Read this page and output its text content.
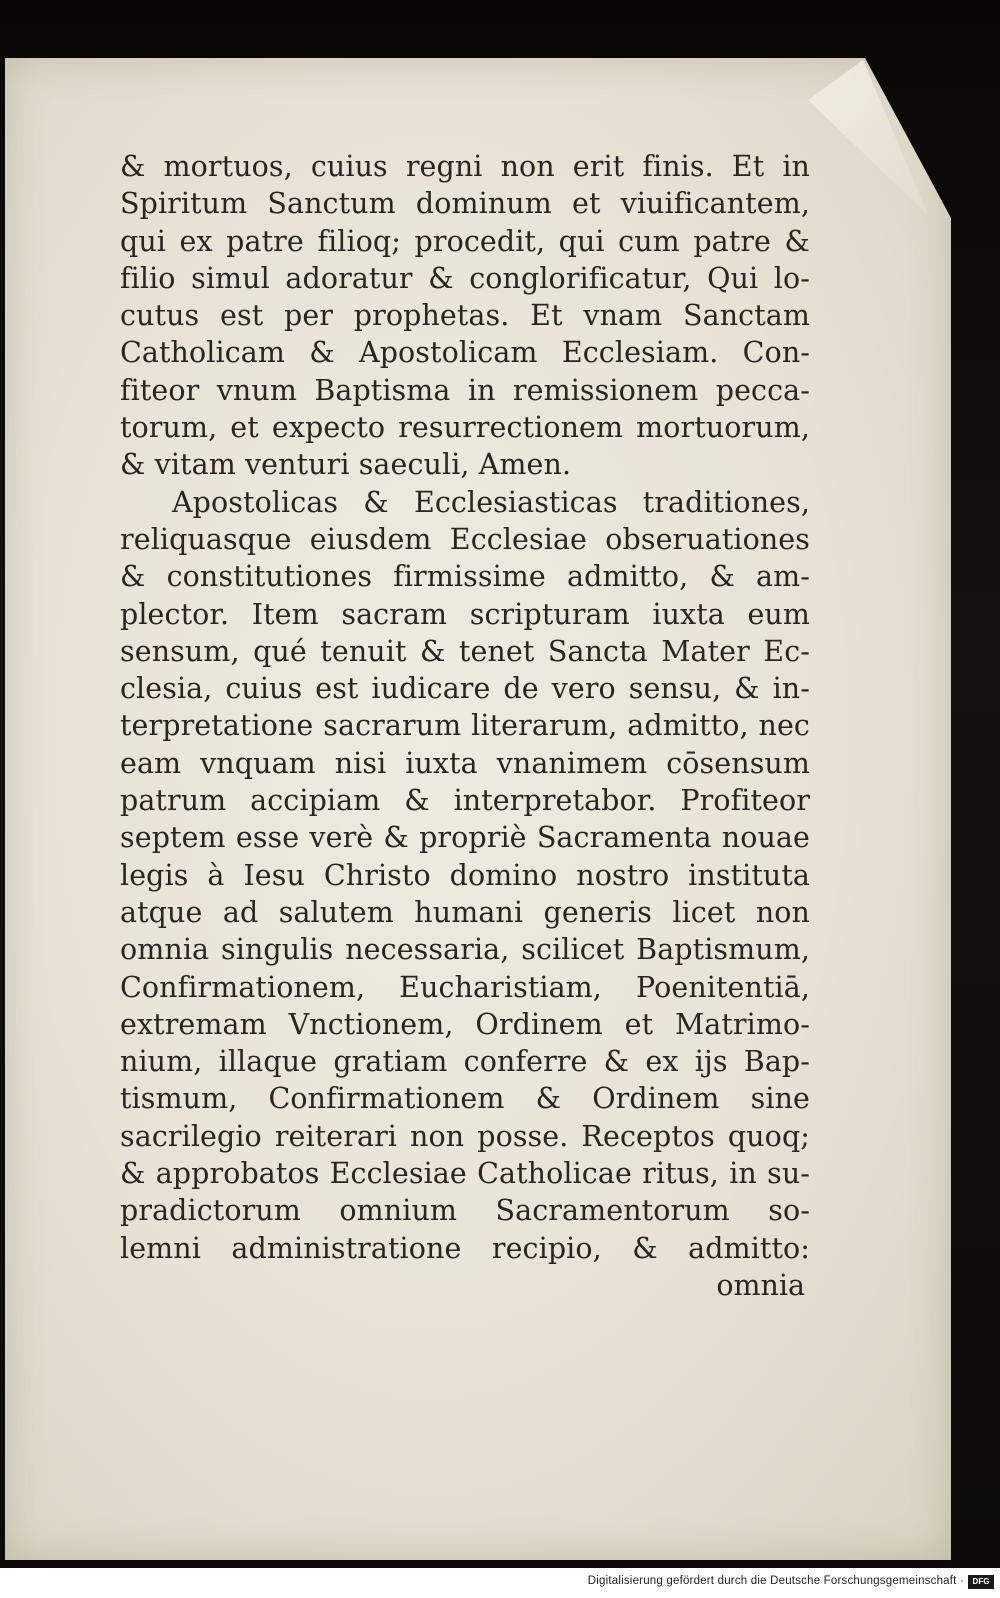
& mortuos, cuius regni non erit finis. Et in
Spiritum Sanctum dominum et viuificantem,
qui ex patre filioq; procedit, qui cum patre &
filio simul adoratur & conglorificatur, Qui lo-
cutus est per prophetas. Et vnam Sanctam
Catholicam & Apostolicam Ecclesiam. Con-
fiteor vnum Baptisma in remissionem pecca-
torum, et expecto resurrectionem mortuorum,
& vitam venturi saeculi, Amen.
Apostolicas & Ecclesiasticas traditiones,
reliquasque eiusdem Ecclesiae obseruationes
& constitutiones firmissime admitto, & am-
plector. Item sacram scripturam iuxta eum
sensum, qué tenuit & tenet Sancta Mater Ec-
clesia, cuius est iudicare de vero sensu, & in-
terpretatione sacrarum literarum, admitto, nec
eam vnquam nisi iuxta vnanimem cōsensum
patrum accipiam & interpretabor. Profiteor
septem esse verè & propriè Sacramenta nouae
legis à Iesu Christo domino nostro instituta
atque ad salutem humani generis licet non
omnia singulis necessaria, scilicet Baptismum,
Confirmationem, Eucharistiam, Poenitentiā,
extremam Vnctionem, Ordinem et Matrimo-
nium, illaque gratiam conferre & ex ijs Bap-
tismum, Confirmationem & Ordinem sine
sacrilegio reiterari non posse. Receptos quoq;
& approbatos Ecclesiae Catholicae ritus, in su-
pradictorum omnium Sacramentorum so-
lemni administratione recipio, & admitto:
omnia
Digitalisierung gefördert durch die Deutsche Forschungsgemeinschaft ·	DFG
